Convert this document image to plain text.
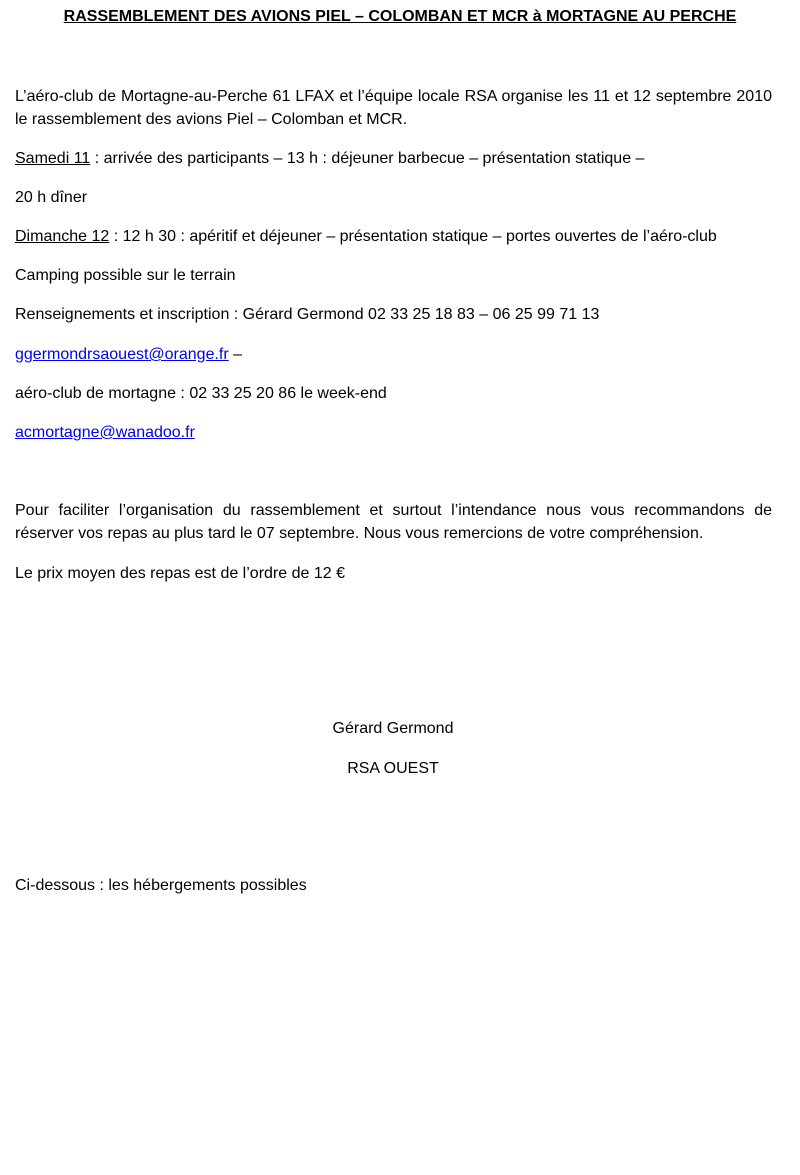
RASSEMBLEMENT DES AVIONS PIEL – COLOMBAN ET MCR à MORTAGNE AU PERCHE

L’aéro-club de Mortagne-au-Perche 61 LFAX et l’équipe locale RSA organise les 11 et 12 septembre 2010 le rassemblement des avions Piel – Colomban et MCR.

Samedi 11 : arrivée des participants – 13 h : déjeuner barbecue – présentation statique –

20 h dîner

Dimanche 12 : 12 h 30 : apéritif et déjeuner – présentation statique – portes ouvertes de l’aéro-club

Camping possible sur le terrain

Renseignements et inscription : Gérard Germond 02 33 25 18 83 – 06 25 99 71 13

ggermondrsaouest@orange.fr –

aéro-club de mortagne : 02 33 25 20 86 le week-end

acmortagne@wanadoo.fr

Pour faciliter l’organisation du rassemblement et surtout l’intendance nous vous recommandons de réserver vos repas au plus tard le 07 septembre. Nous vous remercions de votre compréhension.

Le prix moyen des repas est de l’ordre de 12 €

Gérard Germond
RSA OUEST

Ci-dessous : les hébergements possibles
